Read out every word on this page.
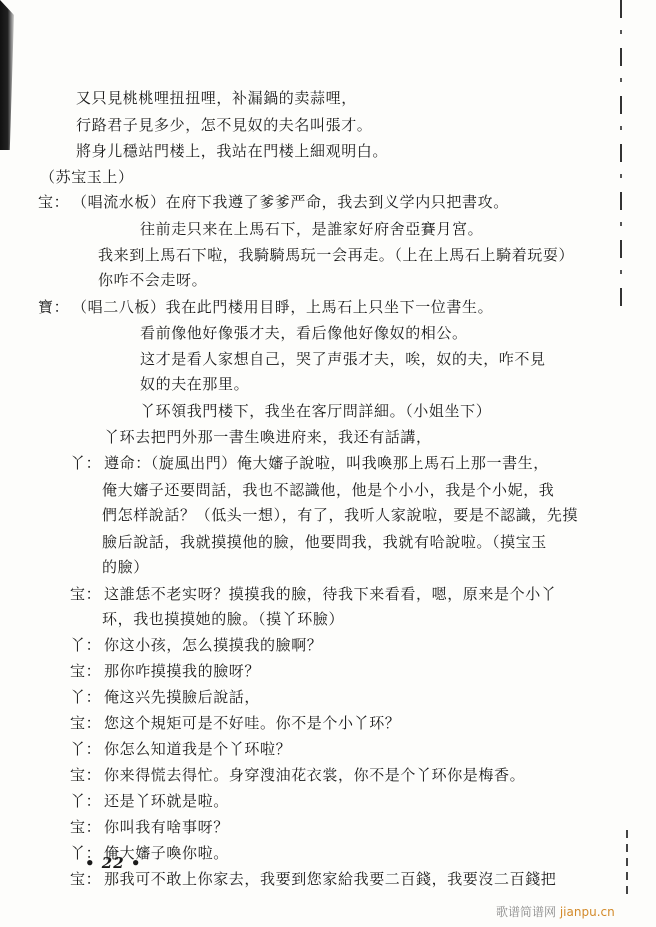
又只見桃桃哩扭扭哩，补漏鍋的卖蒜哩，
行路君子見多少，怎不見奴的夫名叫張才。
將身儿穩站門楼上，我站在門楼上細观明白。
（苏宝玉上）
宝： （唱流水板）在府下我遵了爹爹严命，我去到义学内只把書攻。
往前走只来在上馬石下，是誰家好府舍亞賽月宮。
我来到上馬石下啦，我騎騎馬玩一会再走。（上在上馬石上騎着玩耍）
你咋不会走呀。
寶： （唱二八板）我在此門楼用目睜，上馬石上只坐下一位書生。
看前像他好像張才夫，看后像他好像奴的相公。
这才是看人家想自己，哭了声張才夫，唉，奴的夫，咋不見
奴的夫在那里。
丫环領我門楼下，我坐在客厅問詳細。（小姐坐下）
丫环去把門外那一書生喚进府来，我还有話講，
丫： 遵命：（旋風出門）俺大嬸子說啦，叫我喚那上馬石上那一書生，
俺大嬸子还要問話，我也不認識他，他是个小小，我是个小妮，我
們怎样說話？（低头一想），有了，我听人家說啦，要是不認識，先摸
臉后說話，我就摸摸他的臉，他要問我，我就有哈說啦。（摸宝玉
的臉）
宝： 这誰恁不老实呀？摸摸我的臉，待我下来看看，嗯，原来是个小丫
环，我也摸摸她的臉。（摸丫环臉）
丫： 你这小孩，怎么摸摸我的臉啊？
宝： 那你咋摸摸我的臉呀？
丫： 俺这兴先摸臉后說話，
宝： 您这个規矩可是不好哇。你不是个小丫环？
丫： 你怎么知道我是个丫环啦？
宝： 你来得慌去得忙。身穿溲油花衣裳，你不是个丫环你是梅香。
丫： 还是丫环就是啦。
宝： 你叫我有啥事呀？
丫： 俺大嬸子喚你啦。
宝： 那我可不敢上你家去，我要到您家給我要二百錢，我要沒二百錢把
• 22 •
歌谱简谱网 jianpu.cn
